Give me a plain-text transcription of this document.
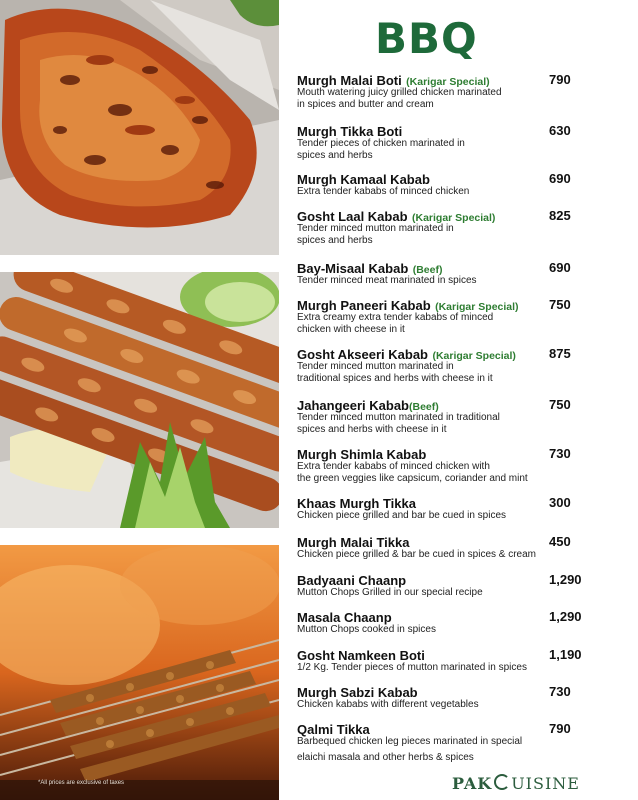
*All prices are exclusive of taxes
BBQ
Murgh Malai Boti (Karigar Special)	790
Mouth watering juicy grilled chicken marinated
in spices and butter and cream
Murgh Tikka Boti	630
Tender pieces of chicken marinated in
spices and herbs
Murgh Kamaal Kabab	690
Extra tender kababs of minced chicken
Gosht Laal Kabab (Karigar Special)	825
Tender minced mutton marinated in
spices and herbs
Bay-Misaal Kabab (Beef)	690
Tender minced meat marinated in spices
Murgh Paneeri Kabab (Karigar Special) 750
Extra creamy extra tender kababs of minced
chicken with cheese in it
Gosht Akseeri Kabab (Karigar Special)	875
Tender minced mutton marinated in
traditional spices and herbs with cheese in it
Jahangeeri Kabab(Beef)	750
Tender minced mutton marinated in traditional
spices and herbs with cheese in it
Murgh Shimla Kabab	730
Extra tender kababs of minced chicken with
the green veggies like capsicum, coriander and mint
Khaas Murgh Tikka	300
Chicken piece grilled and bar be cued in spices
Murgh Malai Tikka	450
Chicken piece grilled & bar be cued in spices & cream
Badyaani Chaanp	1,290
Mutton Chops Grilled in our special recipe
Masala Chaanp	1,290
Mutton Chops cooked in spices
Gosht Namkeen Boti	1,190
1/2 Kg. Tender pieces of mutton marinated in spices
Murgh Sabzi Kabab	730
Chicken kababs with different vegetables
Qalmi Tikka	790
Barbequed chicken leg pieces marinated in special
elaichi masala and other herbs & spices
PAK UISINE
